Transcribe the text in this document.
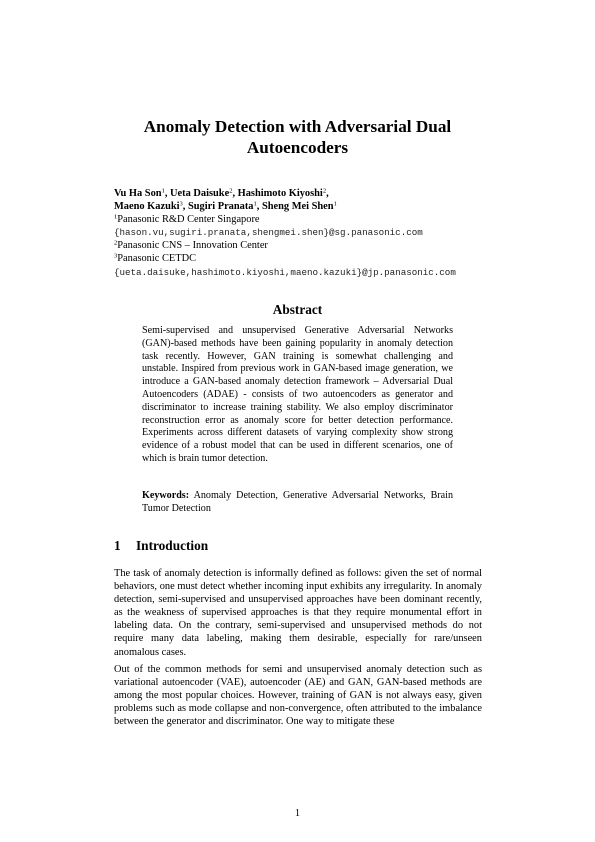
Anomaly Detection with Adversarial Dual
Autoencoders
Vu Ha Son$^1$, Ueta Daisuke$^2$, Hashimoto Kiyoshi$^2$,
Maeno Kazuki$^3$, Sugiri Pranata$^1$, Sheng Mei Shen$^1$
$^1$Panasonic R&D Center Singapore
{hason.vu,sugiri.pranata,shengmei.shen}@sg.panasonic.com
$^2$Panasonic CNS – Innovation Center
$^3$Panasonic CETDC
{ueta.daisuke,hashimoto.kiyoshi,maeno.kazuki}@jp.panasonic.com
Abstract
Semi-supervised and unsupervised Generative Adversarial Networks (GAN)-based methods have been gaining popularity in anomaly detection task recently. However, GAN training is somewhat challenging and unstable. Inspired from previous work in GAN-based image generation, we introduce a GAN-based anomaly detection framework – Adversarial Dual Autoencoders (ADAE) - consists of two autoencoders as generator and discriminator to increase training stability. We also employ discriminator reconstruction error as anomaly score for better detection performance. Experiments across different datasets of varying complexity show strong evidence of a robust model that can be used in different scenarios, one of which is brain tumor detection.
Keywords: Anomaly Detection, Generative Adversarial Networks, Brain Tumor Detection
1 Introduction
The task of anomaly detection is informally defined as follows: given the set of normal behaviors, one must detect whether incoming input exhibits any irregularity. In anomaly detection, semi-supervised and unsupervised approaches have been dominant recently, as the weakness of supervised approaches is that they require monumental effort in labeling data. On the contrary, semi-supervised and unsupervised methods do not require many data labeling, making them desirable, especially for rare/unseen anomalous cases.
Out of the common methods for semi and unsupervised anomaly detection such as variational autoencoder (VAE), autoencoder (AE) and GAN, GAN-based methods are among the most popular choices. However, training of GAN is not always easy, given problems such as mode collapse and non-convergence, often attributed to the imbalance between the generator and discriminator. One way to mitigate these
1
